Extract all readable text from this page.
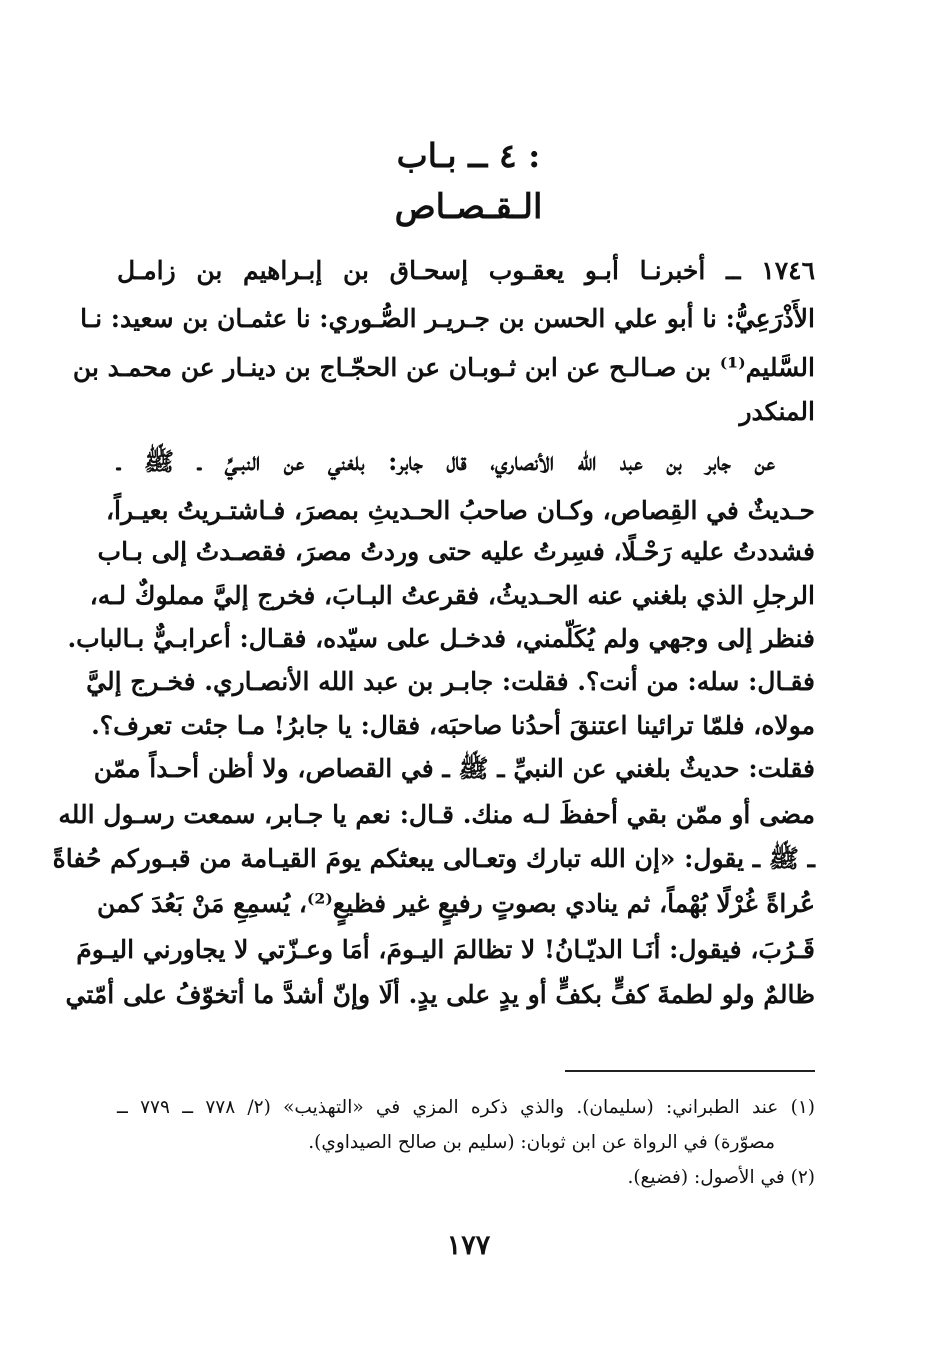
٤ ــ بـاب :
الـقـصـاص
١٧٤٦ ــ أخبرنـا أبـو يعقـوب إسحـاق بن إبـراهيم بن زامـل
الأَذْرَعِيُّ: نا أبو علي الحسن بن جـريـر الصُّـوري: نا عثمـان بن سعيد: نـا
السَّليم⁽¹⁾ بن صـالـح عن ابن ثـوبـان عن الحجّـاج بن دينـار عن محمـد بن
المنكدر
عن جابر بن عبد الله الأنصاري، قال جابر: بلغني عن النبـيِّ ـ ﷺ ـ
حـديثٌ في القِصاص، وكـان صاحبُ الحـديثِ بمصرَ، فـاشتـريتُ بعيـراً،
فشددتُ عليه رَحْـلًا، فسِرتُ عليه حتى وردتُ مصرَ، فقصـدتُ إلى بـاب
الرجلِ الذي بلغني عنه الحـديثُ، فقرعتُ البـابَ، فخرج إليَّ مملوكٌ لـه،
فنظر إلى وجهي ولم يُكَلّمني، فدخـل على سيّده، فقـال: أعرابـيٌّ بـالباب.
فقـال: سله: من أنت؟. فقلت: جابـر بن عبد الله الأنصـاري. فخـرج إليَّ
مولاه، فلمّا ترائينا اعتنقَ أحدُنا صاحبَه، فقال: يا جابرُ! مـا جئت تعرف؟.
فقلت: حديثٌ بلغني عن النبيِّ ـ ﷺ ـ في القصاص، ولا أظن أحـداً ممّن
مضى أو ممّن بقي أحفظَ لـه منك. قـال: نعم يا جـابر، سمعت رسـول الله
ـ ﷺ ـ يقول: «إن الله تبارك وتعـالى يبعثكم يومَ القيـامة من قبـوركم حُفاةً
عُراةً غُرْلًا بُهْماً، ثم ينادي بصوتٍ رفيعٍ غير فظيعٍ⁽²⁾، يُسمِعِ مَنْ بَعُدَ كمن
قَـرُبَ، فيقول: أنَـا الديّـانُ! لا تظالمَ اليـومَ، أمَا وعـزّتي لا يجاورني اليـومَ
ظالمٌ ولو لطمةَ كفٍّ بكفٍّ أو يدٍ على يدٍ. ألَا وإنّ أشدَّ ما أتخوّفُ على أمّتي
(١) عند الطبراني: (سليمان). والذي ذكره المزي في «التهذيب» (٢/ ٧٧٨ ــ ٧٧٩ ــ
مصوّرة) في الرواة عن ابن ثوبان: (سليم بن صالح الصيداوي).
(٢) في الأصول: (فضيع).
١٧٧
